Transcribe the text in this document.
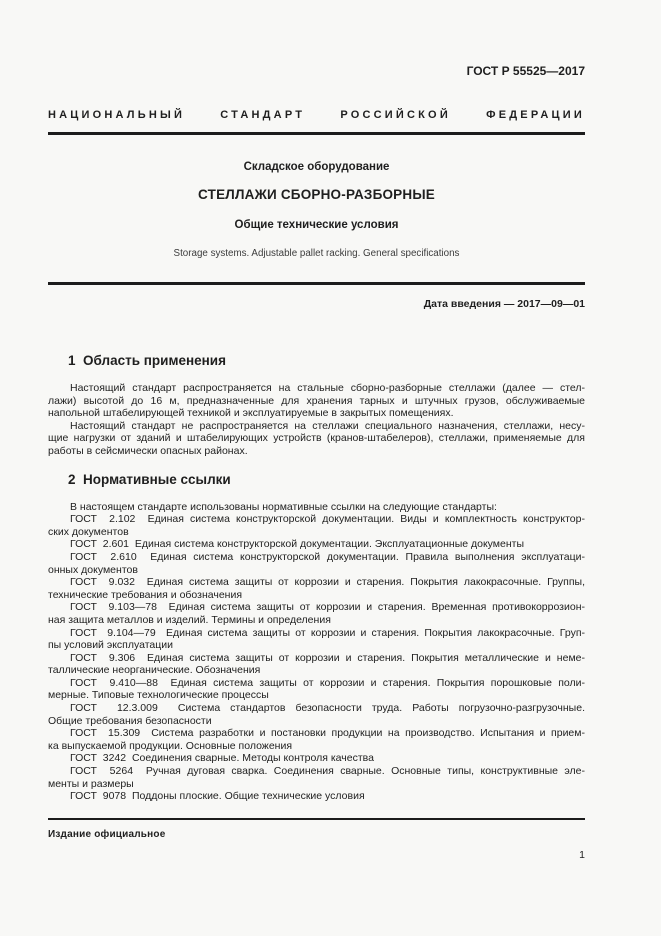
ГОСТ Р 55525—2017
НАЦИОНАЛЬНЫЙ СТАНДАРТ РОССИЙСКОЙ ФЕДЕРАЦИИ
Складское оборудование
СТЕЛЛАЖИ СБОРНО-РАЗБОРНЫЕ
Общие технические условия
Storage systems. Adjustable pallet racking. General specifications
Дата введения — 2017—09—01
1  Область применения
Настоящий стандарт распространяется на стальные сборно-разборные стеллажи (далее — стел-
лажи) высотой до 16 м, предназначенные для хранения тарных и штучных грузов, обслуживаемые
напольной штабелирующей техникой и эксплуатируемые в закрытых помещениях.
Настоящий стандарт не распространяется на стеллажи специального назначения, стеллажи, несу-
щие нагрузки от зданий и штабелирующих устройств (кранов-штабелеров), стеллажи, применяемые для
работы в сейсмически опасных районах.
2  Нормативные ссылки
В настоящем стандарте использованы нормативные ссылки на следующие стандарты:
ГОСТ  2.102  Единая система конструкторской документации. Виды и комплектность конструктор-
ских документов
ГОСТ  2.601  Единая система конструкторской документации. Эксплуатационные документы
ГОСТ  2.610  Единая система конструкторской документации. Правила выполнения эксплуатаци-
онных документов
ГОСТ  9.032  Единая система защиты от коррозии и старения. Покрытия лакокрасочные. Группы,
технические требования и обозначения
ГОСТ  9.103—78  Единая система защиты от коррозии и старения. Временная противокоррозион-
ная защита металлов и изделий. Термины и определения
ГОСТ  9.104—79  Единая система защиты от коррозии и старения. Покрытия лакокрасочные. Груп-
пы условий эксплуатации
ГОСТ  9.306  Единая система защиты от коррозии и старения. Покрытия металлические и неме-
таллические неорганические. Обозначения
ГОСТ  9.410—88  Единая система защиты от коррозии и старения. Покрытия порошковые поли-
мерные. Типовые технологические процессы
ГОСТ  12.3.009  Система стандартов безопасности труда. Работы погрузочно-разгрузочные.
Общие требования безопасности
ГОСТ  15.309  Система разработки и постановки продукции на производство. Испытания и прием-
ка выпускаемой продукции. Основные положения
ГОСТ  3242  Соединения сварные. Методы контроля качества
ГОСТ  5264  Ручная дуговая сварка. Соединения сварные. Основные типы, конструктивные эле-
менты и размеры
ГОСТ  9078  Поддоны плоские. Общие технические условия
Издание официальное
1
